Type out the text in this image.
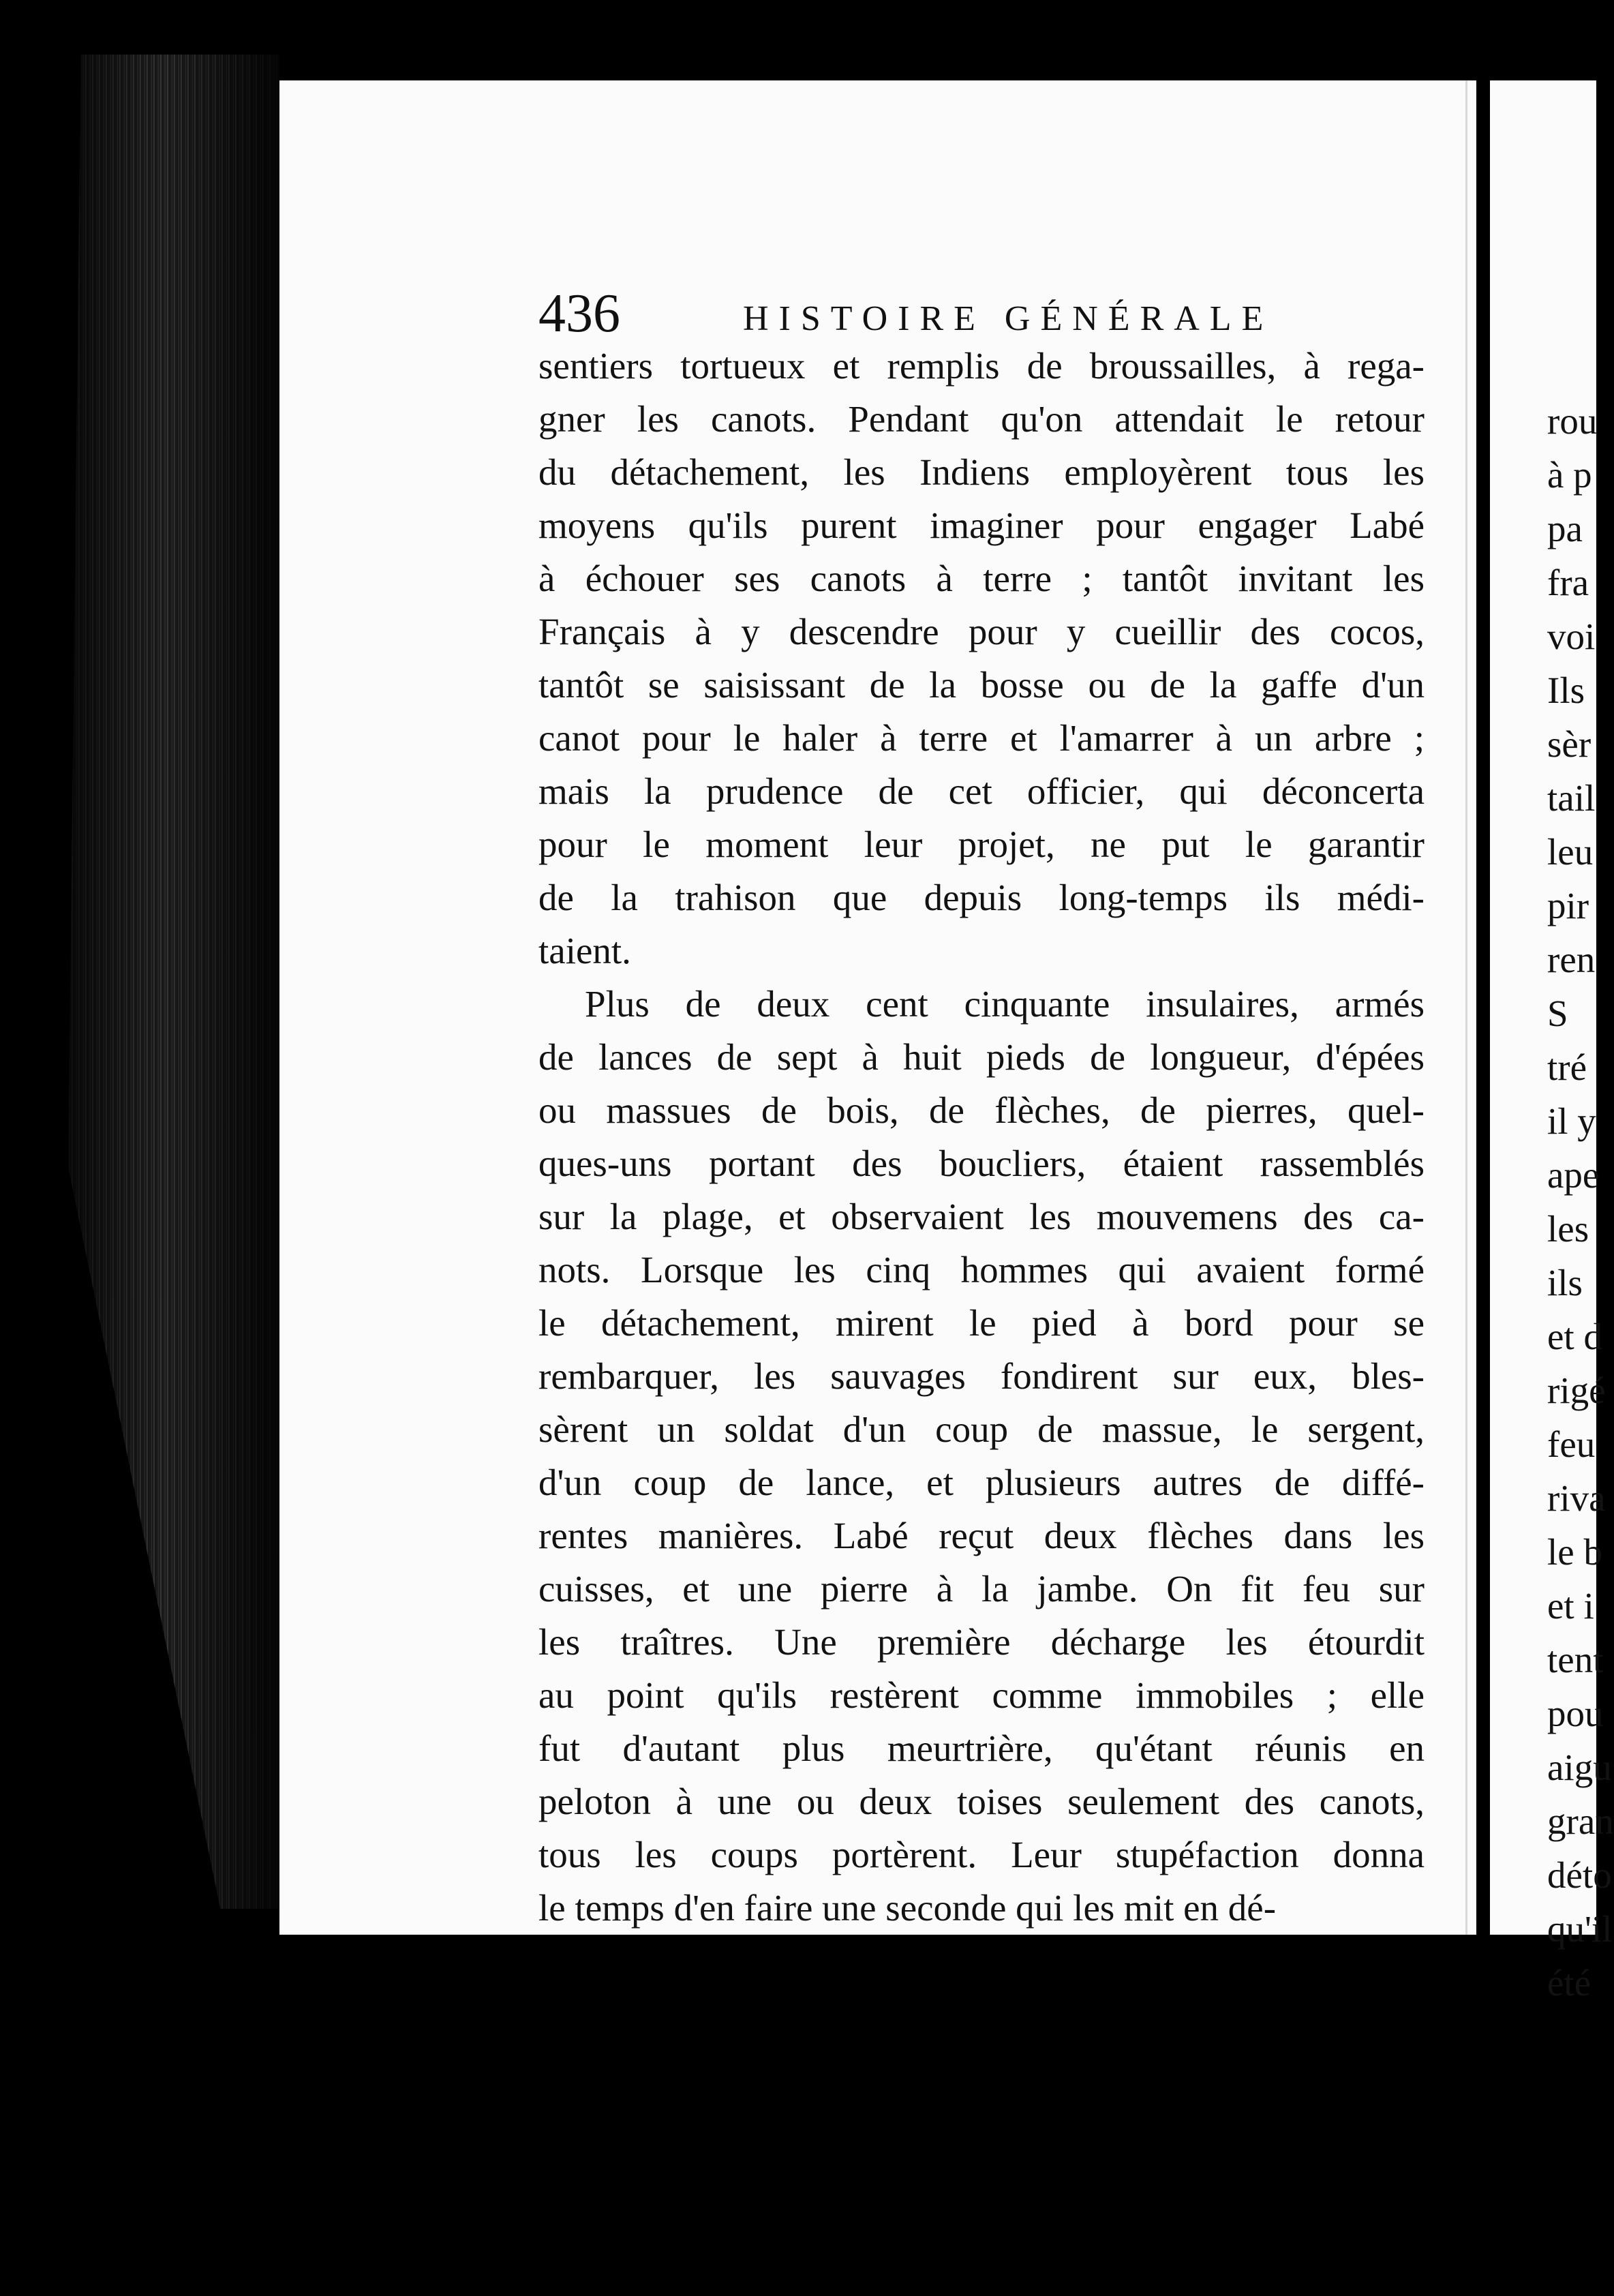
rou
à p
pa
fra
voi
Ils
sèr
tail
leu
pir
ren
S
tré
il y
ape
les
ils
et d
rigé
feu
riva
le b
et i
tent
pou
aigu
gran
déto
qu'il
été
436	HISTOIRE GÉNÉRALE
sentiers tortueux et remplis de broussailles, à rega-
gner les canots. Pendant qu'on attendait le retour
du détachement, les Indiens employèrent tous les
moyens qu'ils purent imaginer pour engager Labé
à échouer ses canots à terre ; tantôt invitant les
Français à y descendre pour y cueillir des cocos,
tantôt se saisissant de la bosse ou de la gaffe d'un
canot pour le haler à terre et l'amarrer à un arbre ;
mais la prudence de cet officier, qui déconcerta
pour le moment leur projet, ne put le garantir
de la trahison que depuis long-temps ils médi-
taient.
Plus de deux cent cinquante insulaires, armés
de lances de sept à huit pieds de longueur, d'épées
ou massues de bois, de flèches, de pierres, quel-
ques-uns portant des boucliers, étaient rassemblés
sur la plage, et observaient les mouvemens des ca-
nots. Lorsque les cinq hommes qui avaient formé
le détachement, mirent le pied à bord pour se
rembarquer, les sauvages fondirent sur eux, bles-
sèrent un soldat d'un coup de massue, le sergent,
d'un coup de lance, et plusieurs autres de diffé-
rentes manières. Labé reçut deux flèches dans les
cuisses, et une pierre à la jambe. On fit feu sur
les traîtres. Une première décharge les étourdit
au point qu'ils restèrent comme immobiles ; elle
fut d'autant plus meurtrière, qu'étant réunis en
peloton à une ou deux toises seulement des canots,
tous les coups portèrent. Leur stupéfaction donna
le temps d'en faire une seconde qui les mit en dé-
